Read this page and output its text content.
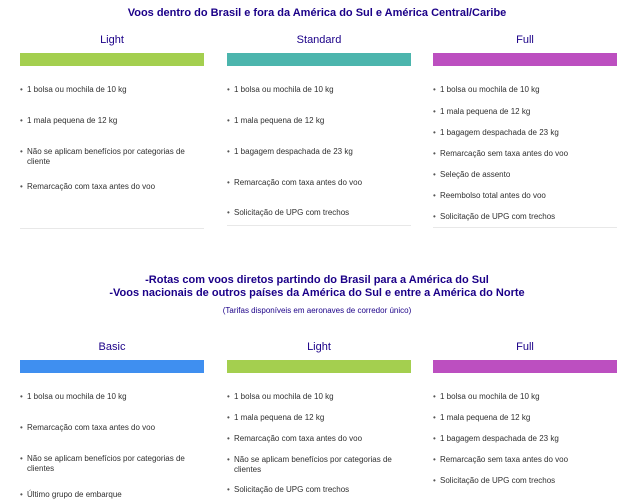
Voos dentro do Brasil e fora da América do Sul e América Central/Caribe
Light
• 1 bolsa ou mochila de 10 kg
• 1 mala pequena de 12 kg
• Não se aplicam benefícios por categorias de cliente
• Remarcação com taxa antes do voo
Standard
• 1 bolsa ou mochila de 10 kg
• 1 mala pequena de 12 kg
• 1 bagagem despachada de 23 kg
• Remarcação com taxa antes do voo
• Solicitação de UPG com trechos
Full
• 1 bolsa ou mochila de 10 kg
• 1 mala pequena de 12 kg
• 1 bagagem despachada de 23 kg
• Remarcação sem taxa antes do voo
• Seleção de assento
• Reembolso total antes do voo
• Solicitação de UPG com trechos
-Rotas com voos diretos partindo do Brasil para a América do Sul
-Voos nacionais de outros países da América do Sul e entre a América do Norte
(Tarifas disponíveis em aeronaves de corredor único)
Basic
• 1 bolsa ou mochila de 10 kg
• Remarcação com taxa antes do voo
• Não se aplicam benefícios por categorias de clientes
• Último grupo de embarque
Light
• 1 bolsa ou mochila de 10 kg
• 1 mala pequena de 12 kg
• Remarcação com taxa antes do voo
• Não se aplicam benefícios por categorias de clientes
• Solicitação de UPG com trechos
Full
• 1 bolsa ou mochila de 10 kg
• 1 mala pequena de 12 kg
• 1 bagagem despachada de 23 kg
• Remarcação sem taxa antes do voo
• Solicitação de UPG com trechos
